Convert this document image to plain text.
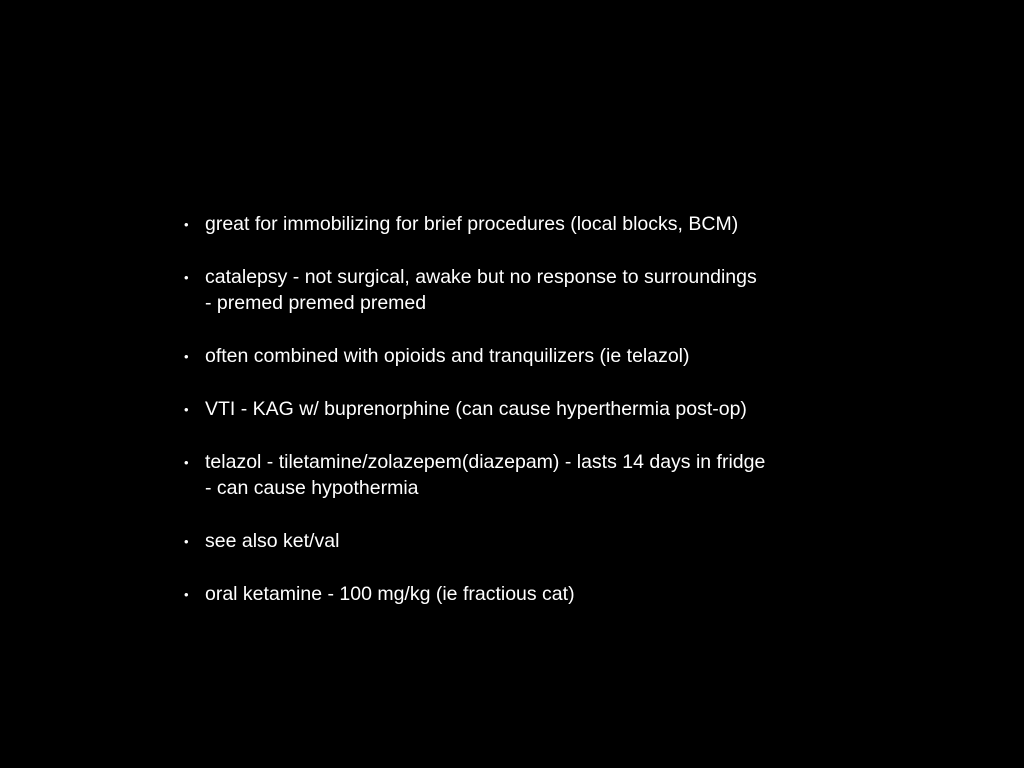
• great for immobilizing for brief procedures (local blocks, BCM)
• catalepsy - not surgical, awake but no response to surroundings
- premed premed premed
• often combined with opioids and tranquilizers (ie telazol)
• VTI - KAG w/ buprenorphine (can cause hyperthermia post-op)
• telazol - tiletamine/zolazepem(diazepam) - lasts 14 days in fridge
- can cause hypothermia
• see also ket/val
• oral ketamine - 100 mg/kg (ie fractious cat)
